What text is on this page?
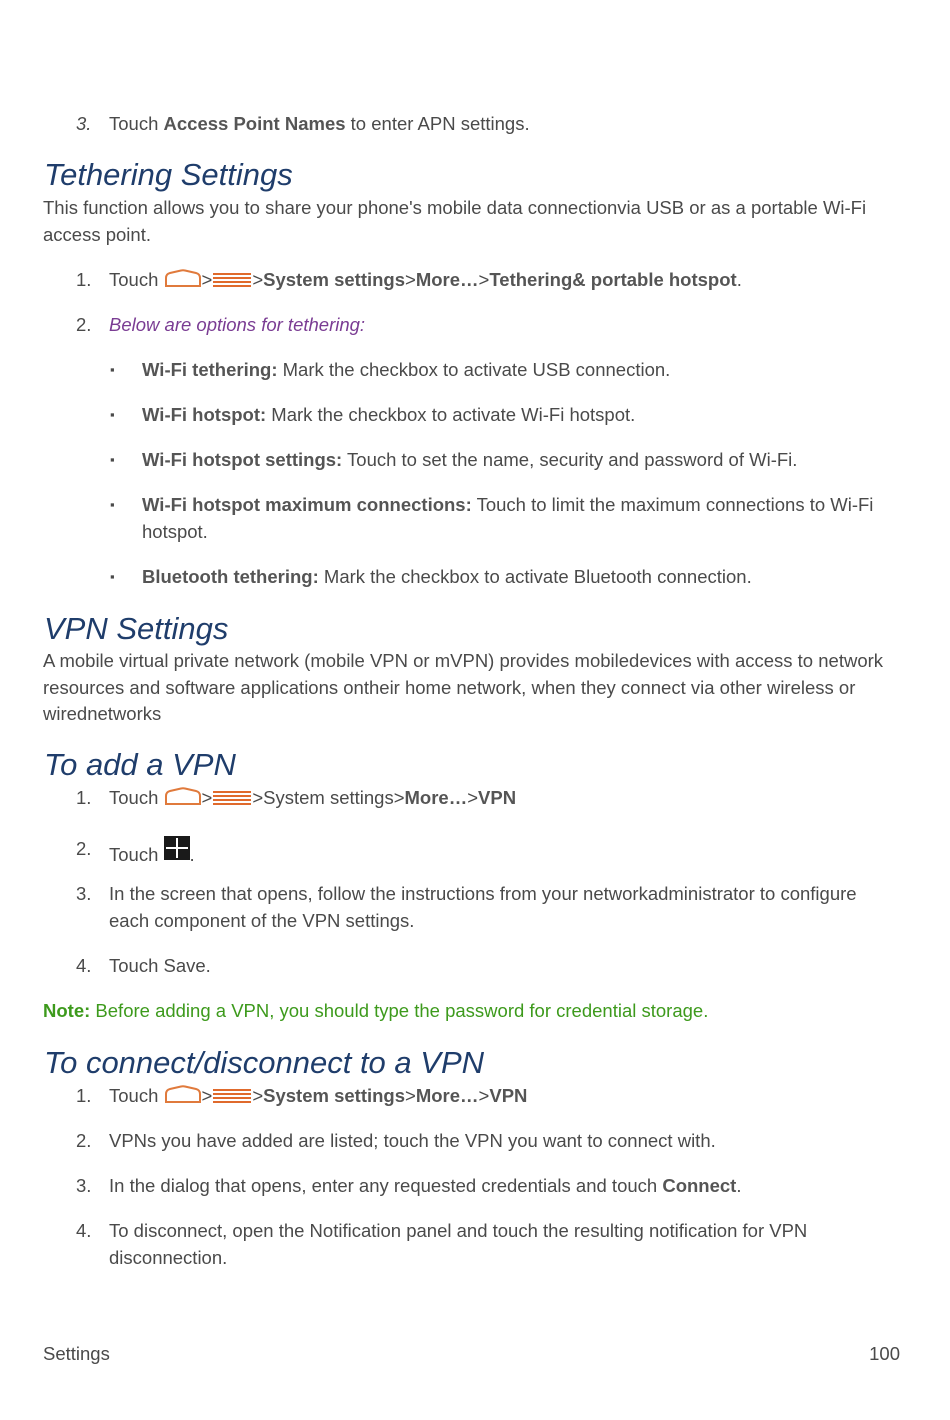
3. Touch Access Point Names to enter APN settings.
Tethering Settings
This function allows you to share your phone's mobile data connectionvia USB or as a portable Wi-Fi access point.
1. Touch > >System settings>More…>Tethering& portable hotspot.
2. Below are options for tethering:
▪ Wi-Fi tethering: Mark the checkbox to activate USB connection.
▪ Wi-Fi hotspot: Mark the checkbox to activate Wi-Fi hotspot.
▪ Wi-Fi hotspot settings: Touch to set the name, security and password of Wi-Fi.
▪ Wi-Fi hotspot maximum connections: Touch to limit the maximum connections to Wi-Fi hotspot.
▪ Bluetooth tethering: Mark the checkbox to activate Bluetooth connection.
VPN Settings
A mobile virtual private network (mobile VPN or mVPN) provides mobiledevices with access to network resources and software applications ontheir home network, when they connect via other wireless or wirednetworks
To add a VPN
1. Touch > >System settings>More…>VPN
2. Touch .
3. In the screen that opens, follow the instructions from your networkadministrator to configure each component of the VPN settings.
4. Touch Save.
Note: Before adding a VPN, you should type the password for credential storage.
To connect/disconnect to a VPN
1. Touch > >System settings>More…>VPN
2. VPNs you have added are listed; touch the VPN you want to connect with.
3. In the dialog that opens, enter any requested credentials and touch Connect.
4. To disconnect, open the Notification panel and touch the resulting notification for VPN disconnection.
Settings	100
